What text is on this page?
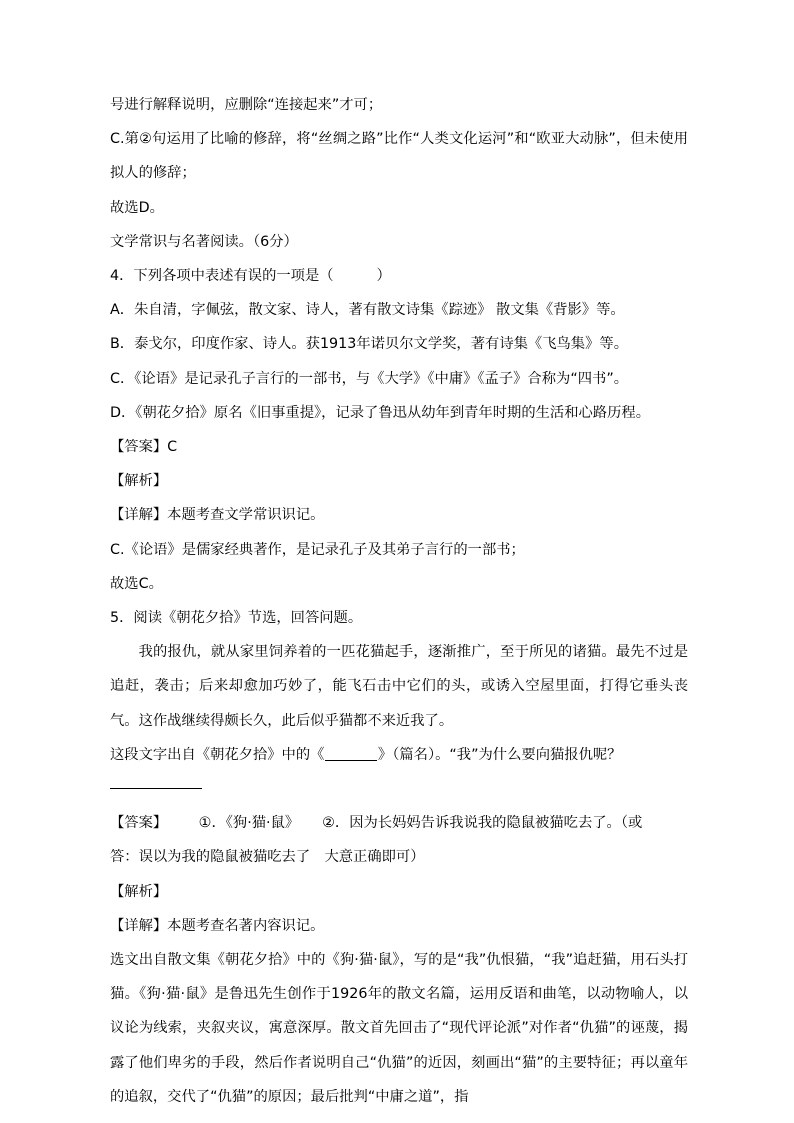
号进行解释说明，应删除“连接起来”才可；

C.第②句运用了比喻的修辞，将“丝绸之路”比作“人类文化运河”和“欧亚大动脉”，但未使用拟人的修辞；

故选D。

文学常识与名著阅读。（6分）

4．下列各项中表述有误的一项是（　　　）

A．朱自清，字佩弦，散文家、诗人，著有散文诗集《踪迹》 散文集《背影》等。

B．泰戈尔，印度作家、诗人。获1913年诺贝尔文学奖，著有诗集《飞鸟集》等。

C．《论语》是记录孔子言行的一部书，与《大学》《中庸》《孟子》合称为“四书”。

D．《朝花夕拾》原名《旧事重提》，记录了鲁迅从幼年到青年时期的生活和心路历程。

【答案】C

【解析】

【详解】本题考查文学常识识记。

C.《论语》是儒家经典著作，是记录孔子及其弟子言行的一部书；

故选C。

5．阅读《朝花夕拾》节选，回答问题。

我的报仇，就从家里饲养着的一匹花猫起手，逐渐推广，至于所见的诸猫。最先不过是追赶，袭击；后来却愈加巧妙了，能飞石击中它们的头，或诱入空屋里面，打得它垂头丧气。这作战继续得颇长久，此后似乎猫都不来近我了。

这段文字出自《朝花夕拾》中的《	》（篇名）。“我”为什么要向猫报仇呢？

【答案】 ①．《狗·猫·鼠》 ②．因为长妈妈告诉我说我的隐鼠被猫吃去了。（或

答：误以为我的隐鼠被猫吃去了　大意正确即可）

【解析】

【详解】本题考查名著内容识记。

选文出自散文集《朝花夕拾》中的《狗·猫·鼠》，写的是“我”仇恨猫，“我”追赶猫，用石头打猫。《狗·猫·鼠》是鲁迅先生创作于1926年的散文名篇，运用反语和曲笔，以动物喻人，以议论为线索，夹叙夹议，寓意深厚。散文首先回击了“现代评论派”对作者“仇猫”的诬蔑，揭露了他们卑劣的手段，然后作者说明自己“仇猫”的近因，刻画出“猫”的主要特征；再以童年的追叙，交代了“仇猫”的原因；最后批判“中庸之道”，指
